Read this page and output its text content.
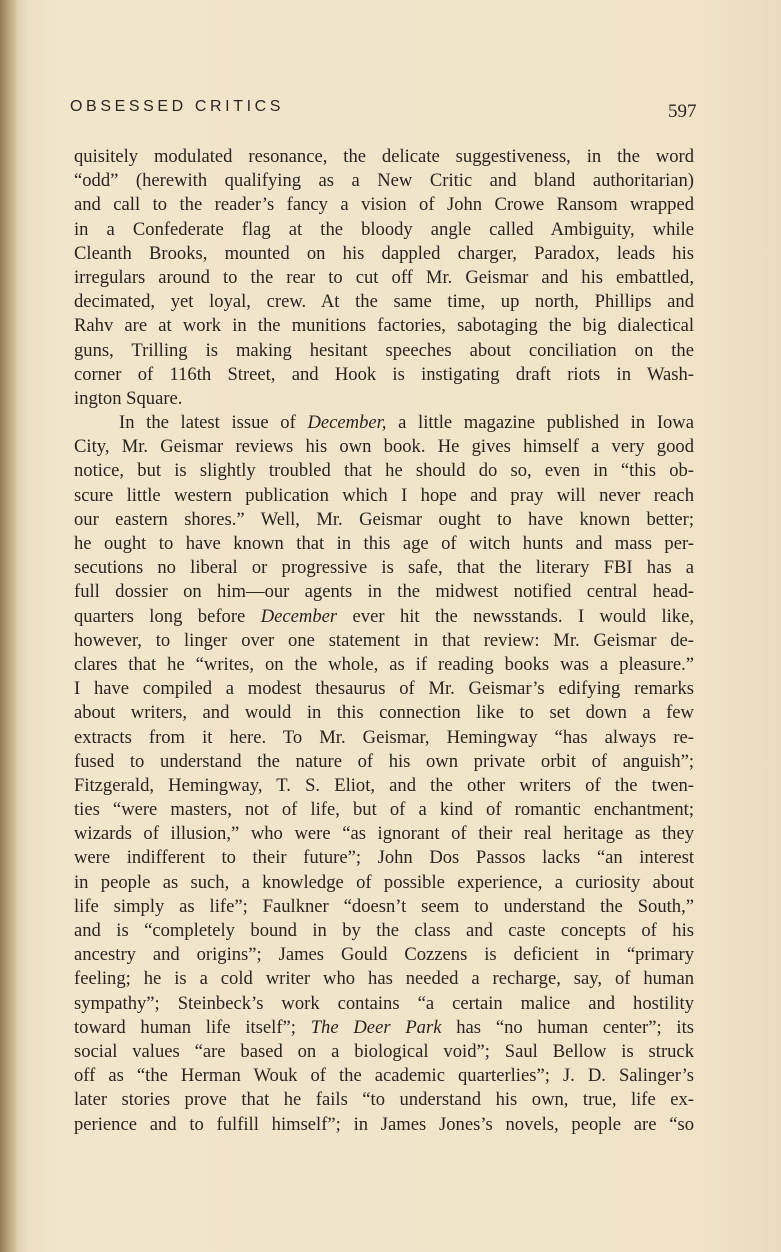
OBSESSED CRITICS	597
quisitely modulated resonance, the delicate suggestiveness, in the word
“odd” (herewith qualifying as a New Critic and bland authoritarian)
and call to the reader’s fancy a vision of John Crowe Ransom wrapped
in a Confederate flag at the bloody angle called Ambiguity, while
Cleanth Brooks, mounted on his dappled charger, Paradox, leads his
irregulars around to the rear to cut off Mr. Geismar and his embattled,
decimated, yet loyal, crew. At the same time, up north, Phillips and
Rahv are at work in the munitions factories, sabotaging the big dialectical
guns, Trilling is making hesitant speeches about conciliation on the
corner of 116th Street, and Hook is instigating draft riots in Wash-
ington Square.
In the latest issue of December, a little magazine published in Iowa
City, Mr. Geismar reviews his own book. He gives himself a very good
notice, but is slightly troubled that he should do so, even in “this ob-
scure little western publication which I hope and pray will never reach
our eastern shores.” Well, Mr. Geismar ought to have known better;
he ought to have known that in this age of witch hunts and mass per-
secutions no liberal or progressive is safe, that the literary FBI has a
full dossier on him—our agents in the midwest notified central head-
quarters long before December ever hit the newsstands. I would like,
however, to linger over one statement in that review: Mr. Geismar de-
clares that he “writes, on the whole, as if reading books was a pleasure.”
I have compiled a modest thesaurus of Mr. Geismar’s edifying remarks
about writers, and would in this connection like to set down a few
extracts from it here. To Mr. Geismar, Hemingway “has always re-
fused to understand the nature of his own private orbit of anguish”;
Fitzgerald, Hemingway, T. S. Eliot, and the other writers of the twen-
ties “were masters, not of life, but of a kind of romantic enchantment;
wizards of illusion,” who were “as ignorant of their real heritage as they
were indifferent to their future”; John Dos Passos lacks “an interest
in people as such, a knowledge of possible experience, a curiosity about
life simply as life”; Faulkner “doesn’t seem to understand the South,”
and is “completely bound in by the class and caste concepts of his
ancestry and origins”; James Gould Cozzens is deficient in “primary
feeling; he is a cold writer who has needed a recharge, say, of human
sympathy”; Steinbeck’s work contains “a certain malice and hostility
toward human life itself”; The Deer Park has “no human center”; its
social values “are based on a biological void”; Saul Bellow is struck
off as “the Herman Wouk of the academic quarterlies”; J. D. Salinger’s
later stories prove that he fails “to understand his own, true, life ex-
perience and to fulfill himself”; in James Jones’s novels, people are “so
